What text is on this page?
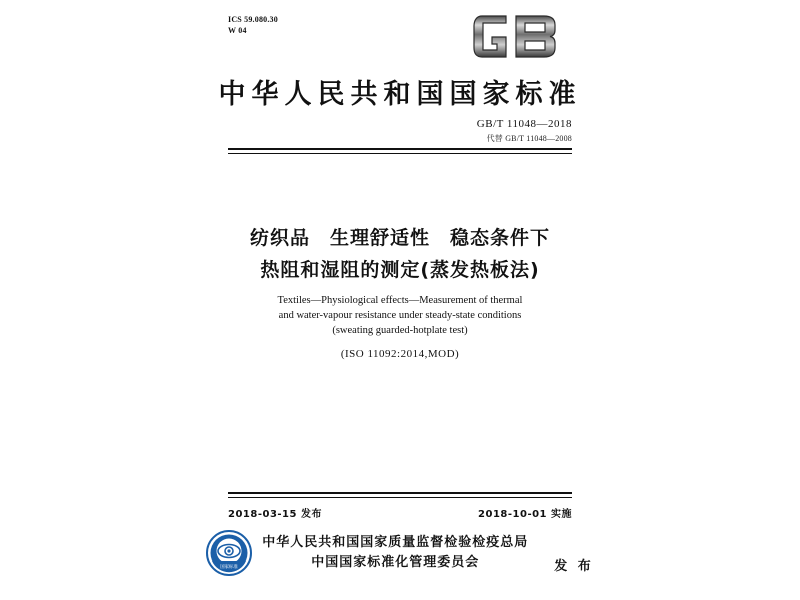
ICS 59.080.30
W 04
中华人民共和国国家标准
GB/T 11048—2018
代替 GB/T 11048—2008
纺织品　生理舒适性　稳态条件下
热阻和湿阻的测定(蒸发热板法)
Textiles—Physiological effects—Measurement of thermal
and water-vapour resistance under steady-state conditions
(sweating guarded-hotplate test)
(ISO 11092:2014,MOD)
2018-03-15 发布	2018-10-01 实施
国家标准
中华人民共和国国家质量监督检验检疫总局
中国国家标准化管理委员会	发 布
